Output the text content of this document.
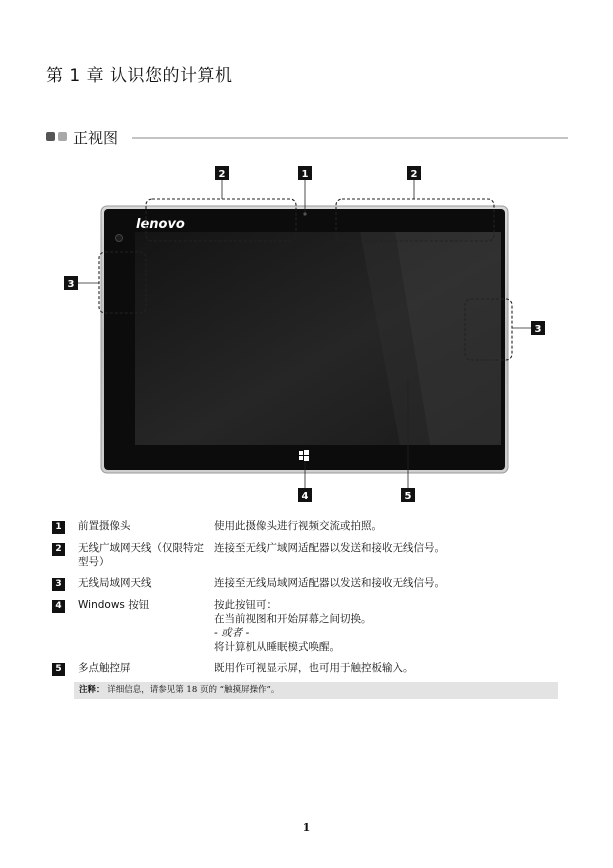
第 1 章 认识您的计算机
正视图
lenovo
2	1	2
3
3
4	5
1	前置摄像头	使用此摄像头进行视频交流或拍照。

2	无线广域网天线（仅限特定型号）	连接至无线广域网适配器以发送和接收无线信号。

3	无线局域网天线	连接至无线局域网适配器以发送和接收无线信号。

4	Windows 按钮	按此按钮可：
在当前视图和开始屏幕之间切换。
- 或者 -
将计算机从睡眠模式唤醒。

5	多点触控屏	既用作可视显示屏，也可用于触控板输入。
注释： 详细信息，请参见第 18 页的 “触摸屏操作”。
1
